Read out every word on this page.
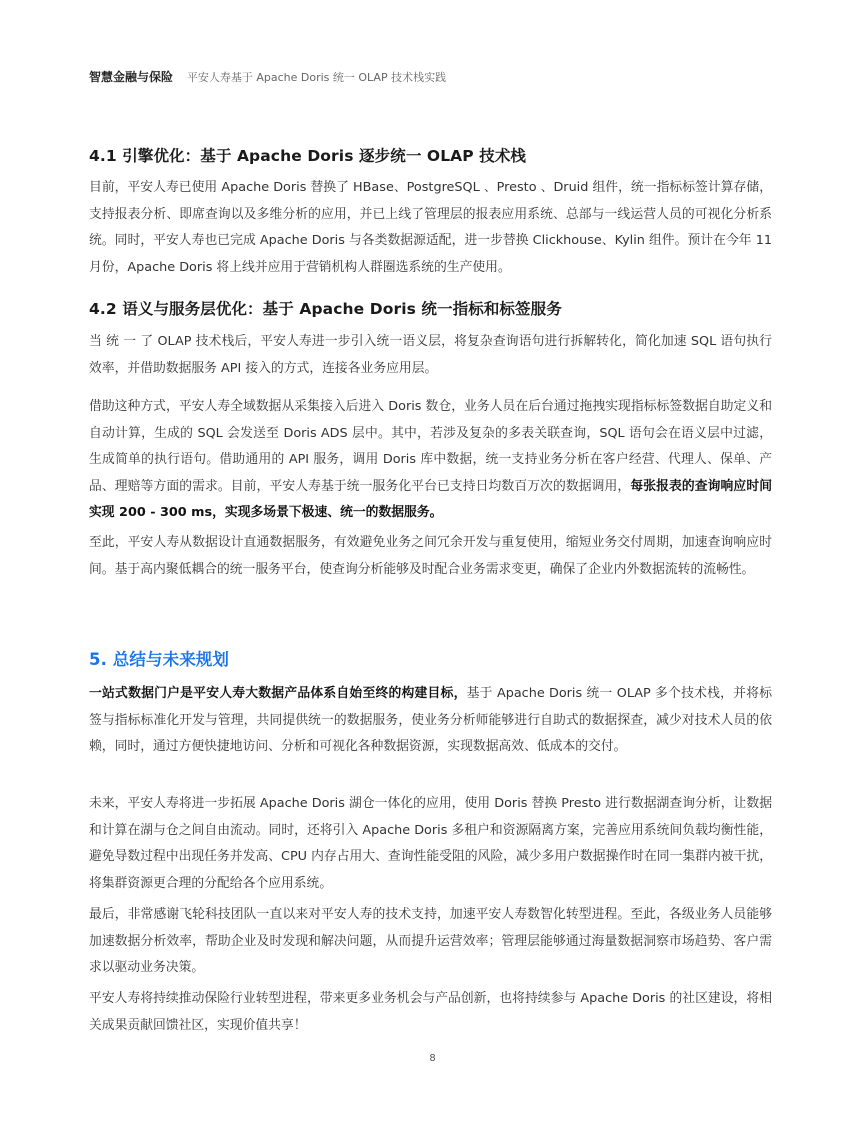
智慧金融与保险 平安人寿基于 Apache Doris 统一 OLAP 技术栈实践
4.1 引擎优化：基于 Apache Doris 逐步统一 OLAP 技术栈

目前，平安人寿已使用 Apache Doris 替换了 HBase、PostgreSQL 、Presto 、Druid 组件，统一指标标签计算存储，支持报表分析、即席查询以及多维分析的应用，并已上线了管理层的报表应用系统、总部与一线运营人员的可视化分析系统。同时，平安人寿也已完成 Apache Doris 与各类数据源适配，进一步替换 Clickhouse、Kylin 组件。预计在今年 11 月份，Apache Doris 将上线并应用于营销机构人群圈选系统的生产使用。

4.2 语义与服务层优化：基于 Apache Doris 统一指标和标签服务

当 统 一 了 OLAP 技术栈后，平安人寿进一步引入统一语义层，将复杂查询语句进行拆解转化，简化加速 SQL 语句执行效率，并借助数据服务 API 接入的方式，连接各业务应用层。

借助这种方式，平安人寿全域数据从采集接入后进入 Doris 数仓，业务人员在后台通过拖拽实现指标标签数据自助定义和自动计算，生成的 SQL 会发送至 Doris ADS 层中。其中，若涉及复杂的多表关联查询，SQL 语句会在语义层中过滤，生成简单的执行语句。借助通用的 API 服务，调用 Doris 库中数据，统一支持业务分析在客户经营、代理人、保单、产品、理赔等方面的需求。目前，平安人寿基于统一服务化平台已支持日均数百万次的数据调用，每张报表的查询响应时间实现 200 - 300 ms，实现多场景下极速、统一的数据服务。

至此，平安人寿从数据设计直通数据服务，有效避免业务之间冗余开发与重复使用，缩短业务交付周期，加速查询响应时间。基于高内聚低耦合的统一服务平台，使查询分析能够及时配合业务需求变更，确保了企业内外数据流转的流畅性。

5. 总结与未来规划

一站式数据门户是平安人寿大数据产品体系自始至终的构建目标，基于 Apache Doris 统一 OLAP 多个技术栈，并将标签与指标标准化开发与管理，共同提供统一的数据服务，使业务分析师能够进行自助式的数据探查，减少对技术人员的依赖，同时，通过方便快捷地访问、分析和可视化各种数据资源，实现数据高效、低成本的交付。

未来，平安人寿将进一步拓展 Apache Doris 湖仓一体化的应用，使用 Doris 替换 Presto 进行数据湖查询分析，让数据和计算在湖与仓之间自由流动。同时，还将引入 Apache Doris 多租户和资源隔离方案，完善应用系统间负载均衡性能，避免导数过程中出现任务并发高、CPU 内存占用大、查询性能受阻的风险，减少多用户数据操作时在同一集群内被干扰，将集群资源更合理的分配给各个应用系统。

最后，非常感谢飞轮科技团队一直以来对平安人寿的技术支持，加速平安人寿数智化转型进程。至此，各级业务人员能够加速数据分析效率，帮助企业及时发现和解决问题，从而提升运营效率；管理层能够通过海量数据洞察市场趋势、客户需求以驱动业务决策。

平安人寿将持续推动保险行业转型进程，带来更多业务机会与产品创新，也将持续参与 Apache Doris 的社区建设，将相关成果贡献回馈社区，实现价值共享！

8
